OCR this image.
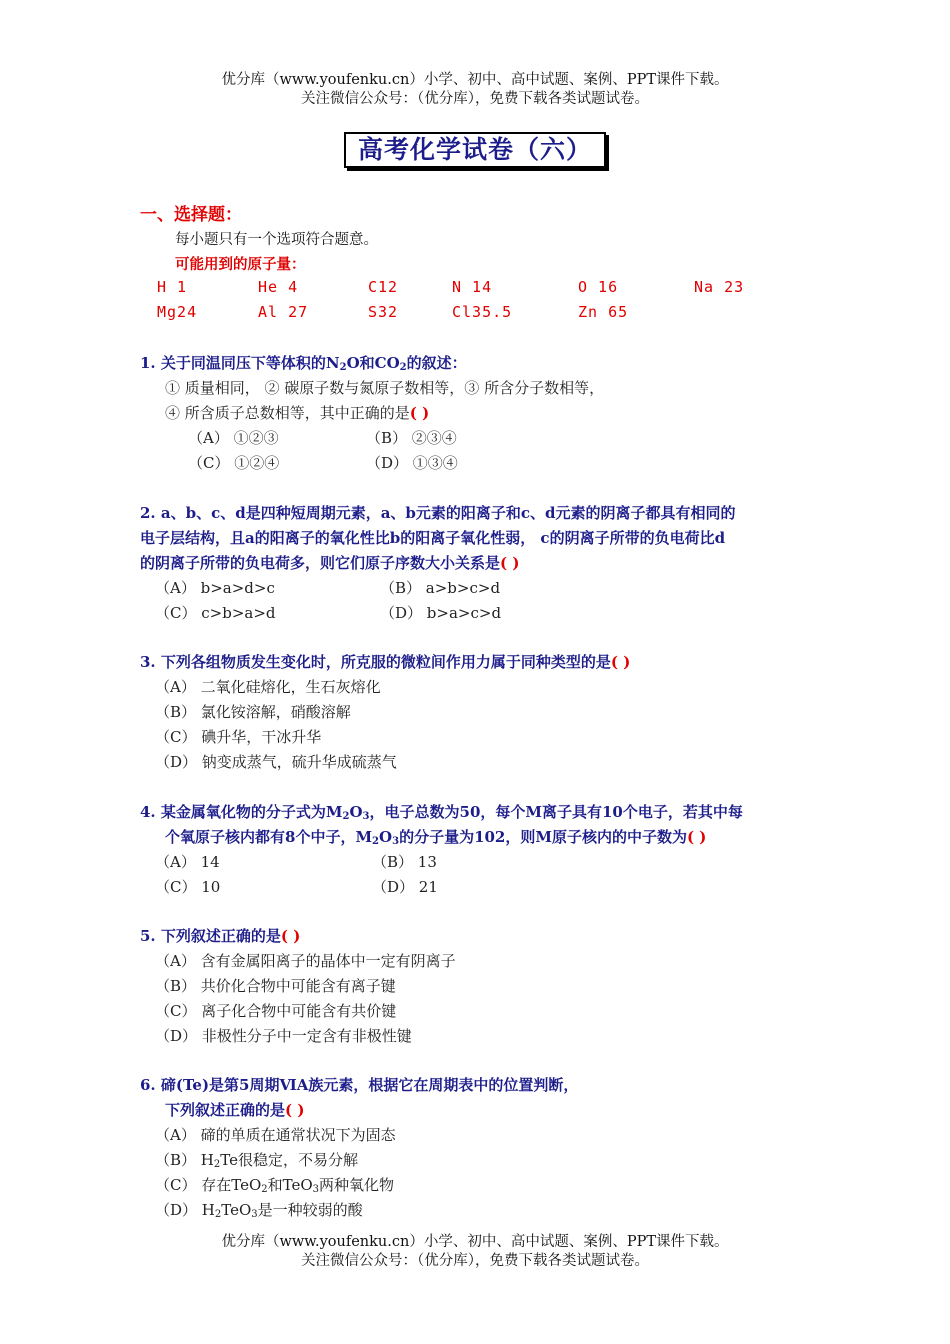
优分库（www.youfenku.cn）小学、初中、高中试题、案例、PPT课件下载。
关注微信公众号：（优分库），免费下载各类试题试卷。
高考化学试卷（六）
一、选择题：
每小题只有一个选项符合题意。
可能用到的原子量：
H 1	He 4	C12	N 14	O 16	Na 23
Mg24	Al 27	S32	Cl35.5	Zn 65
1. 关于同温同压下等体积的$N_2O$和$CO_2$的叙述：
① 质量相同， ② 碳原子数与氮原子数相等，③ 所含分子数相等，
④ 所含质子总数相等，其中正确的是( )
（A） ①②③	（B） ②③④
（C） ①②④	（D） ①③④
2. a、b、c、d是四种短周期元素，a、b元素的阳离子和c、d元素的阴离子都具有相同的
电子层结构，且a的阳离子的氧化性比b的阳离子氧化性弱， c的阴离子所带的负电荷比d
的阴离子所带的负电荷多，则它们原子序数大小关系是( )
（A） b>a>d>c	（B） a>b>c>d
（C） c>b>a>d	（D） b>a>c>d
3. 下列各组物质发生变化时，所克服的微粒间作用力属于同种类型的是( )
（A） 二氧化硅熔化，生石灰熔化
（B） 氯化铵溶解，硝酸溶解
（C） 碘升华，干冰升华
（D） 钠变成蒸气，硫升华成硫蒸气
4. 某金属氧化物的分子式为$M_2O_3$，电子总数为50，每个M离子具有10个电子，若其中每
个氧原子核内都有8个中子，$M_2O_3$的分子量为102，则M原子核内的中子数为( )
（A） 14	（B） 13
（C） 10	（D） 21
5. 下列叙述正确的是( )
（A） 含有金属阳离子的晶体中一定有阴离子
（B） 共价化合物中可能含有离子键
（C） 离子化合物中可能含有共价键
（D） 非极性分子中一定含有非极性键
6. 碲(Te)是第5周期ⅥA族元素，根据它在周期表中的位置判断，
下列叙述正确的是( )
（A） 碲的单质在通常状况下为固态
（B） $H_2Te$很稳定，不易分解
（C） 存在TeO$_2$和TeO$_3$两种氧化物
（D） $H_2TeO_3$是一种较弱的酸
优分库（www.youfenku.cn）小学、初中、高中试题、案例、PPT课件下载。
关注微信公众号：（优分库），免费下载各类试题试卷。
